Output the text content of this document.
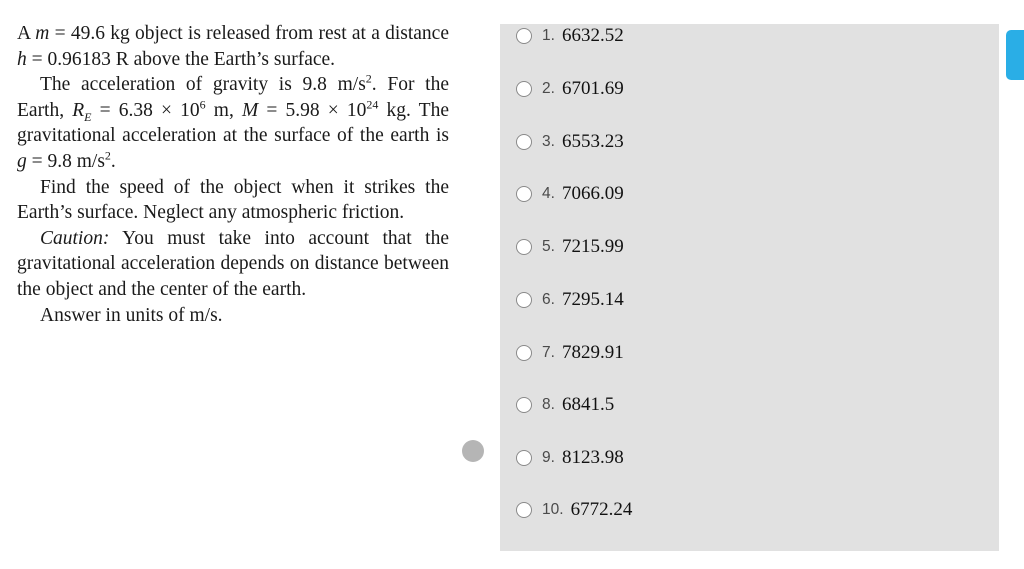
A m = 49.6 kg object is released from rest at a distance h = 0.96183 R above the Earth’s surface.

The acceleration of gravity is 9.8 $m/s^2$. For the Earth, $R_E = 6.38 \times 10^6$ m, $M = 5.98 \times 10^{24}$ kg. The gravitational acceleration at the surface of the earth is g = 9.8 $m/s^2$.

Find the speed of the object when it strikes the Earth’s surface. Neglect any atmospheric friction.

Caution: You must take into account that the gravitational acceleration depends on distance between the object and the center of the earth.

Answer in units of m/s.

1. 6632.52
2. 6701.69
3. 6553.23
4. 7066.09
5. 7215.99
6. 7295.14
7. 7829.91
8. 6841.5
9. 8123.98
10. 6772.24
